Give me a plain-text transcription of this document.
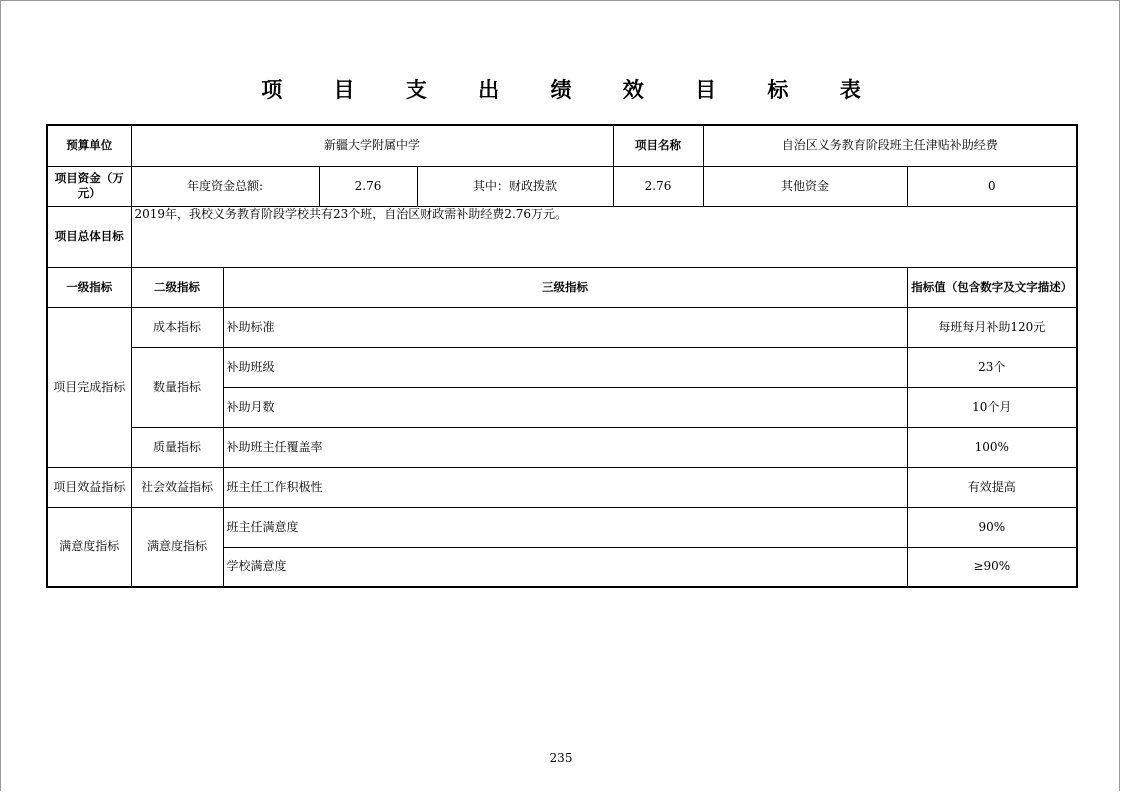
项 目 支 出 绩 效 目 标 表
预算单位	新疆大学附属中学				项目名称	自治区义务教育阶段班主任津贴补助经费	
项目资金（万元）	年度资金总额:		2.76	其中：财政拨款	2.76	其他资金	0
项目总体目标	2019年，我校义务教育阶段学校共有23个班，自治区财政需补助经费2.76万元。						
一级指标	二级指标	三级指标					指标值（包含数字及文字描述）
项目完成指标	成本指标	补助标准					每班每月补助120元
	数量指标	补助班级					23个
		补助月数					10个月
	质量指标	补助班主任覆盖率					100%
项目效益指标	社会效益指标	班主任工作积极性					有效提高
满意度指标	满意度指标	班主任满意度					90%
		学校满意度					≥90%
235
